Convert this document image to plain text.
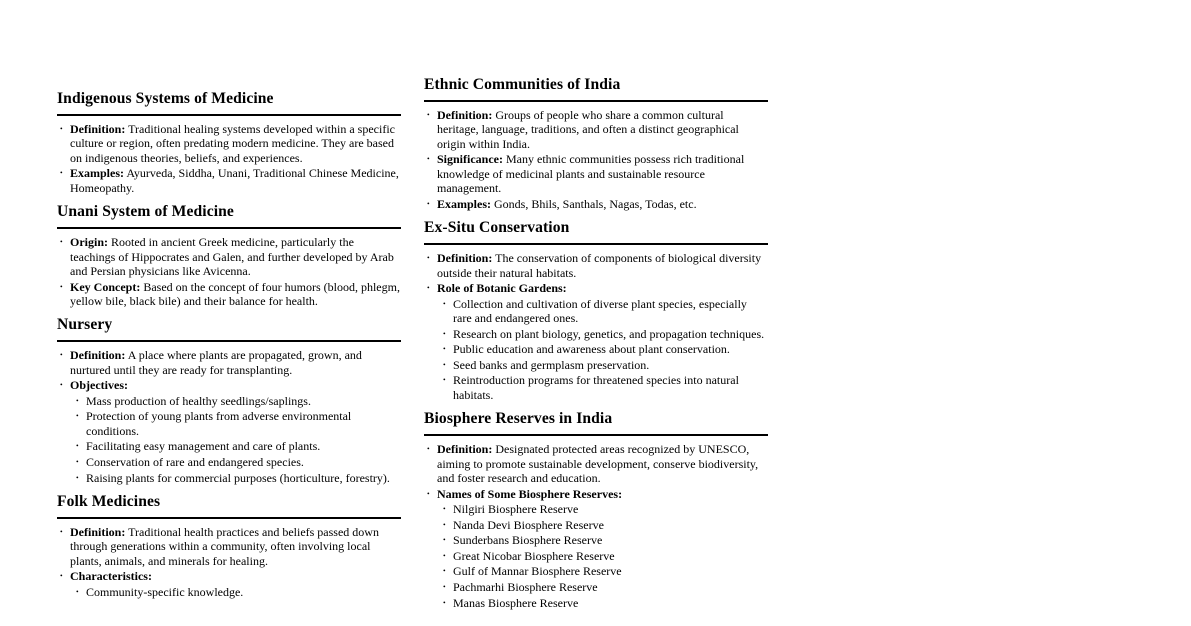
Indigenous Systems of Medicine
• Definition: Traditional healing systems developed within a specific culture or region, often predating modern medicine. They are based on indigenous theories, beliefs, and experiences.
• Examples: Ayurveda, Siddha, Unani, Traditional Chinese Medicine, Homeopathy.
Unani System of Medicine
• Origin: Rooted in ancient Greek medicine, particularly the teachings of Hippocrates and Galen, and further developed by Arab and Persian physicians like Avicenna.
• Key Concept: Based on the concept of four humors (blood, phlegm, yellow bile, black bile) and their balance for health.
Nursery
• Definition: A place where plants are propagated, grown, and nurtured until they are ready for transplanting.
• Objectives:
• Mass production of healthy seedlings/saplings.
• Protection of young plants from adverse environmental conditions.
• Facilitating easy management and care of plants.
• Conservation of rare and endangered species.
• Raising plants for commercial purposes (horticulture, forestry).
Folk Medicines
• Definition: Traditional health practices and beliefs passed down through generations within a community, often involving local plants, animals, and minerals for healing.
• Characteristics:
• Community-specific knowledge.
Ethnic Communities of India
• Definition: Groups of people who share a common cultural heritage, language, traditions, and often a distinct geographical origin within India.
• Significance: Many ethnic communities possess rich traditional knowledge of medicinal plants and sustainable resource management.
• Examples: Gonds, Bhils, Santhals, Nagas, Todas, etc.
Ex-Situ Conservation
• Definition: The conservation of components of biological diversity outside their natural habitats.
• Role of Botanic Gardens:
• Collection and cultivation of diverse plant species, especially rare and endangered ones.
• Research on plant biology, genetics, and propagation techniques.
• Public education and awareness about plant conservation.
• Seed banks and germplasm preservation.
• Reintroduction programs for threatened species into natural habitats.
Biosphere Reserves in India
• Definition: Designated protected areas recognized by UNESCO, aiming to promote sustainable development, conserve biodiversity, and foster research and education.
• Names of Some Biosphere Reserves:
• Nilgiri Biosphere Reserve
• Nanda Devi Biosphere Reserve
• Sunderbans Biosphere Reserve
• Great Nicobar Biosphere Reserve
• Gulf of Mannar Biosphere Reserve
• Pachmarhi Biosphere Reserve
• Manas Biosphere Reserve
